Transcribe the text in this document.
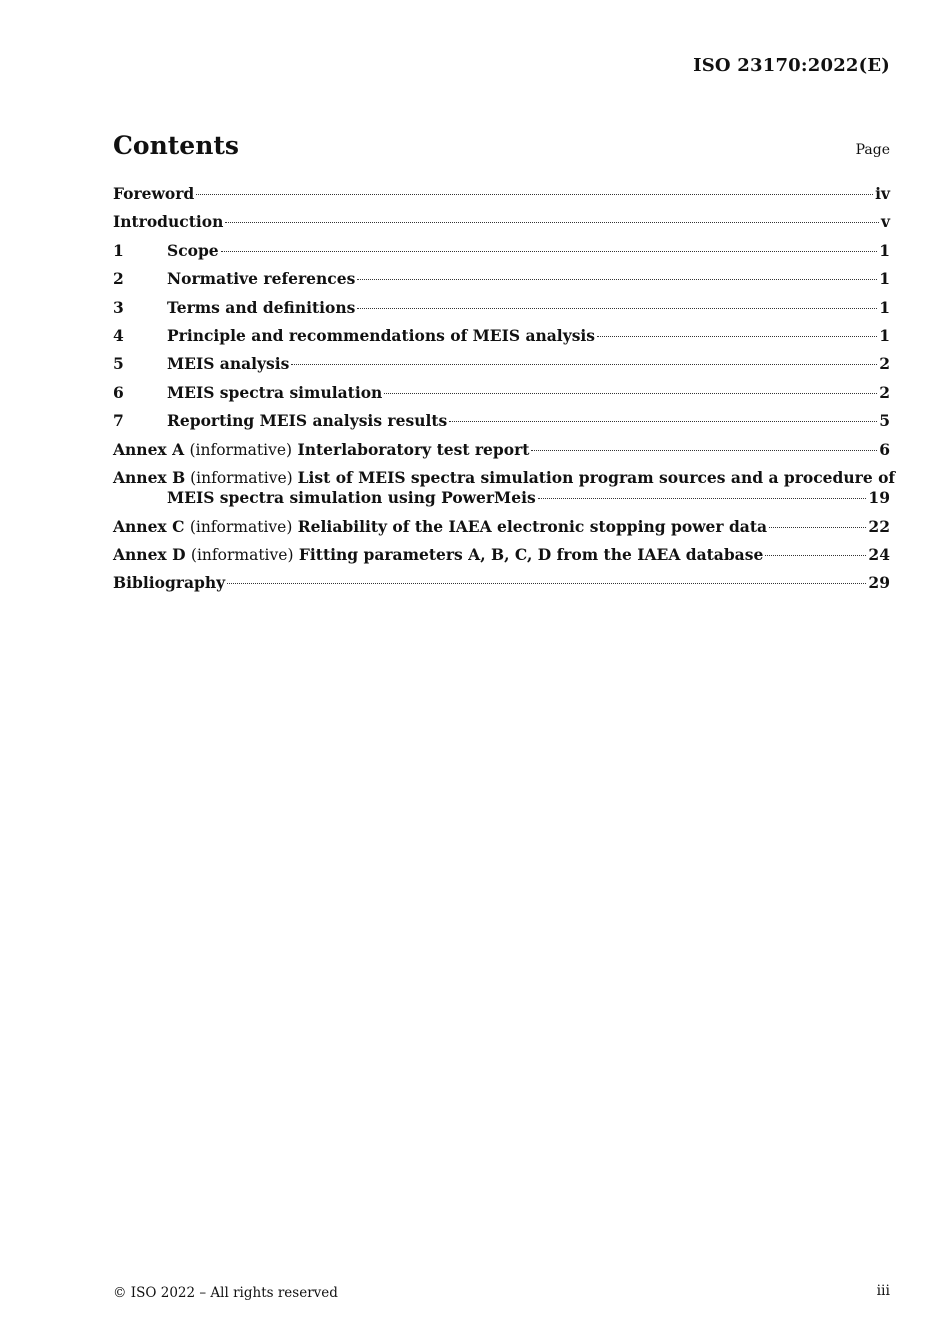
ISO 23170:2022(E)
Contents	Page
Foreword	iv
Introduction	v
1	Scope	1
2	Normative references	1
3	Terms and definitions	1
4	Principle and recommendations of MEIS analysis	1
5	MEIS analysis	2
6	MEIS spectra simulation	2
7	Reporting MEIS analysis results	5
Annex A (informative) Interlaboratory test report	6
Annex B (informative) List of MEIS spectra simulation program sources and a procedure of
MEIS spectra simulation using PowerMeis	19
Annex C (informative) Reliability of the IAEA electronic stopping power data	22
Annex D (informative) Fitting parameters A, B, C, D from the IAEA database	24
Bibliography	29
© ISO 2022 – All rights reserved	iii
